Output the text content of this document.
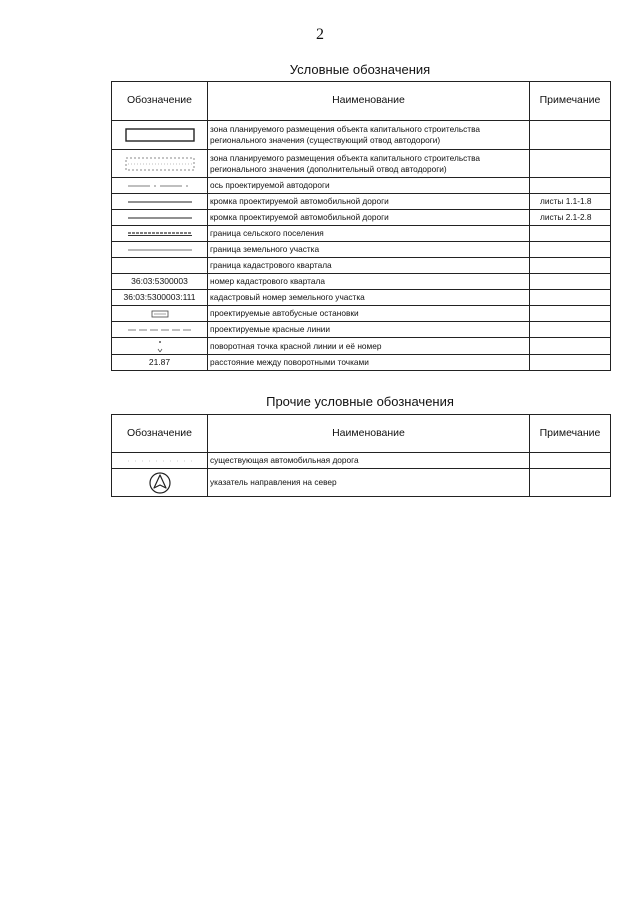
2
Условные обозначения
Обозначение	Наименование	Примечание

	зона планируемого размещения объекта капитального строительства регионального значения (существующий отвод автодороги)	

	зона планируемого размещения объекта капитального строительства регионального значения (дополнительный отвод автодороги)	

	ось проектируемой автодороги	

	кромка проектируемой автомобильной дороги	листы 1.1-1.8

	кромка проектируемой автомобильной дороги	листы 2.1-2.8

	граница сельского поселения	

	граница земельного участка	
	граница кадастрового квартала	
36:03:5300003	номер кадастрового квартала	
36:03:5300003:111	кадастровый номер земельного участка	

	проектируемые автобусные остановки	

	проектируемые красные линии	

	поворотная точка красной линии и её номер	
21.87	расстояние между поворотными точками	
Прочие условные обозначения
Обозначение	Наименование	Примечание

	существующая автомобильная дорога	

	указатель направления на север	
